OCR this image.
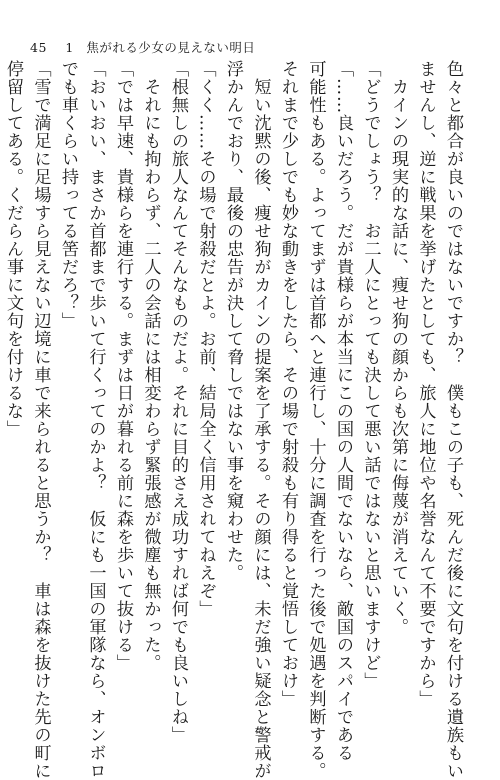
45 1 焦がれる少女の見えない明日
色々と都合が良いのではないですか？　僕もこの子も、死んだ後に文句を付ける遺族もい
ませんし、逆に戦果を挙げたとしても、旅人に地位や名誉なんて不要ですから」
　カインの現実的な話に、痩せ狗の顔からも次第に侮蔑が消えていく。
「どうでしょう？　お二人にとっても決して悪い話ではないと思いますけど」
「……良いだろう。だが貴様らが本当にこの国の人間でないなら、敵国のスパイである
可能性もある。よってまずは首都へと連行し、十分に調査を行った後で処遇を判断する。
それまで少しでも妙な動きをしたら、その場で射殺も有り得ると覚悟しておけ」
　短い沈黙の後、痩せ狗がカインの提案を了承する。その顔には、未だ強い疑念と警戒が
浮かんでおり、最後の忠告が決して脅しではない事を窺わせた。
「くく……その場で射殺だとよ。お前、結局全く信用されてねえぞ」
「根無しの旅人なんてそんなものだよ。それに目的さえ成功すれば何でも良いしね」
　それにも拘わらず、二人の会話には相変わらず緊張感が微塵も無かった。
「では早速、貴様らを連行する。まずは日が暮れる前に森を歩いて抜ける」
「おいおい、まさか首都まで歩いて行くってのかよ？　仮にも一国の軍隊なら、オンボロ
でも車くらい持ってる筈だろ？」
「雪で満足に足場すら見えない辺境に車で来られると思うか？　車は森を抜けた先の町に
停留してある。くだらん事に文句を付けるな」
